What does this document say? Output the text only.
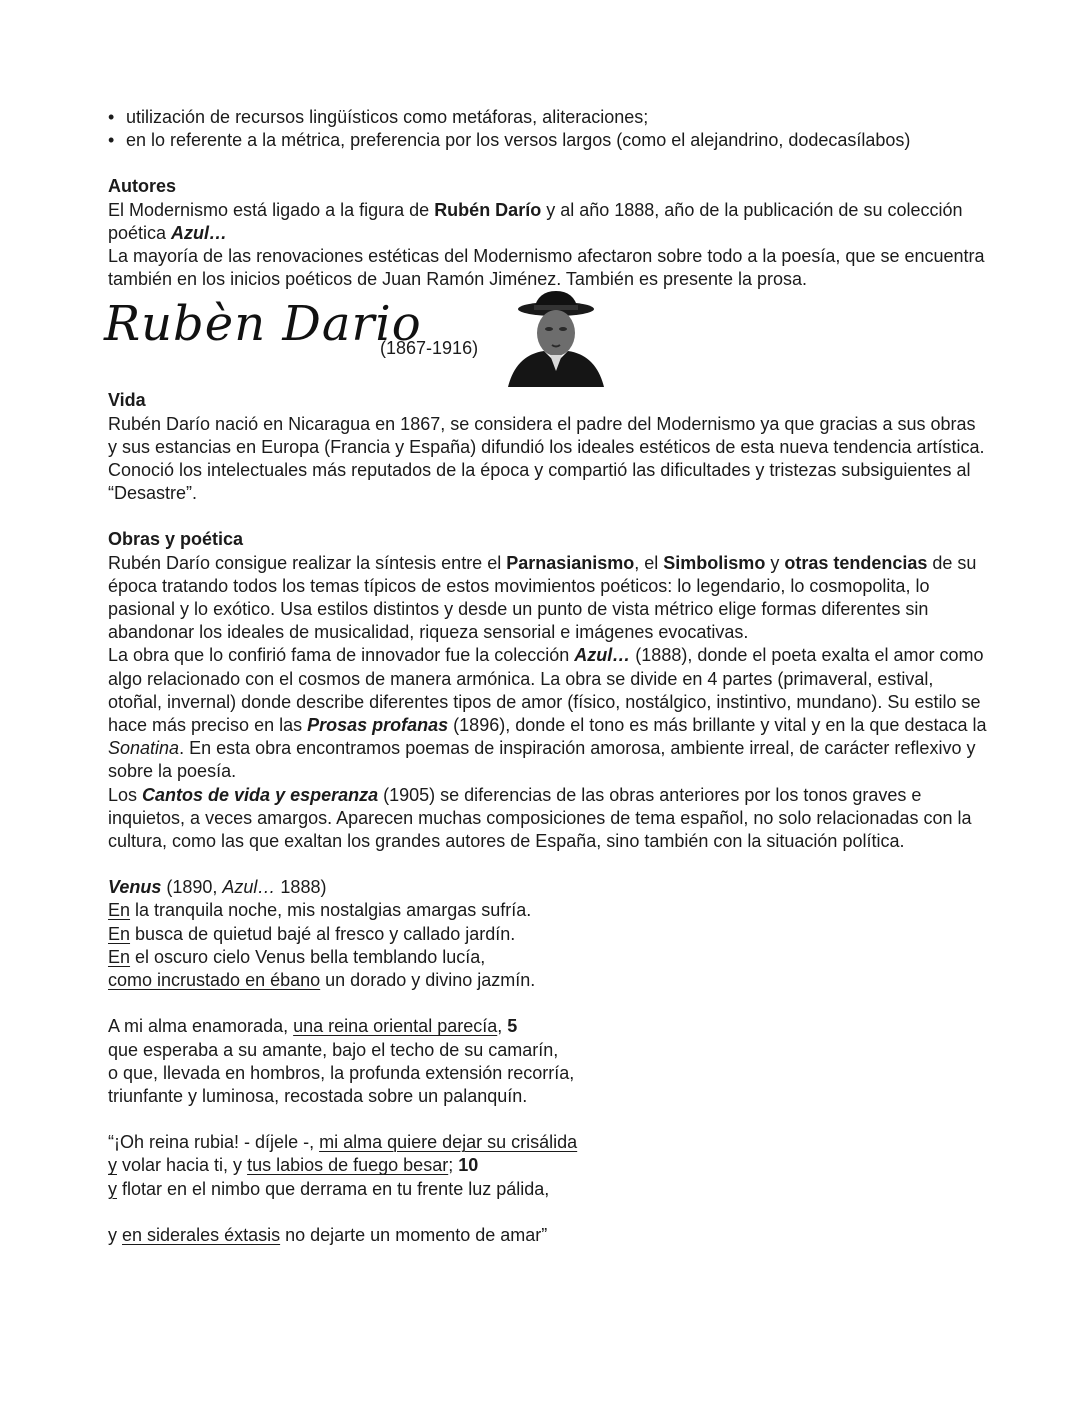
• utilización de recursos lingüísticos como metáforas, aliteraciones;
• en lo referente a la métrica, preferencia por los versos largos (como el alejandrino, dodecasílabos)
Autores

El Modernismo está ligado a la figura de Rubén Darío y al año 1888, año de la publicación de su colección poética Azul…

La mayoría de las renovaciones estéticas del Modernismo afectaron sobre todo a la poesía, que se encuentra también en los inicios poéticos de Juan Ramón Jiménez. También es presente la prosa.

Rubèn Dario
(1867-1916)
Vida

Rubén Darío nació en Nicaragua en 1867, se considera el padre del Modernismo ya que gracias a sus obras y sus estancias en Europa (Francia y España) difundió los ideales estéticos de esta nueva tendencia artística. Conoció los intelectuales más reputados de la época y compartió las dificultades y tristezas subsiguientes al “Desastre”.

Obras y poética

Rubén Darío consigue realizar la síntesis entre el Parnasianismo, el Simbolismo y otras tendencias de su época tratando todos los temas típicos de estos movimientos poéticos: lo legendario, lo cosmopolita, lo pasional y lo exótico. Usa estilos distintos y desde un punto de vista métrico elige formas diferentes sin abandonar los ideales de musicalidad, riqueza sensorial e imágenes evocativas.

La obra que lo confirió fama de innovador fue la colección Azul… (1888), donde el poeta exalta el amor como algo relacionado con el cosmos de manera armónica. La obra se divide en 4 partes (primaveral, estival, otoñal, invernal) donde describe diferentes tipos de amor (físico, nostálgico, instintivo, mundano). Su estilo se hace más preciso en las Prosas profanas (1896), donde el tono es más brillante y vital y en la que destaca la Sonatina. En esta obra encontramos poemas de inspiración amorosa, ambiente irreal, de carácter reflexivo y sobre la poesía.

Los Cantos de vida y esperanza (1905) se diferencias de las obras anteriores por los tonos graves e inquietos, a veces amargos. Aparecen muchas composiciones de tema español, no solo relacionadas con la cultura, como las que exaltan los grandes autores de España, sino también con la situación política.

Venus (1890, Azul… 1888)
En la tranquila noche, mis nostalgias amargas sufría.
En busca de quietud bajé al fresco y callado jardín.
En el oscuro cielo Venus bella temblando lucía,
como incrustado en ébano un dorado y divino jazmín.
A mi alma enamorada, una reina oriental parecía, 5
que esperaba a su amante, bajo el techo de su camarín,
o que, llevada en hombros, la profunda extensión recorría,
triunfante y luminosa, recostada sobre un palanquín.
“¡Oh reina rubia! - díjele -, mi alma quiere dejar su crisálida
y volar hacia ti, y tus labios de fuego besar; 10
y flotar en el nimbo que derrama en tu frente luz pálida,
y en siderales éxtasis no dejarte un momento de amar”
